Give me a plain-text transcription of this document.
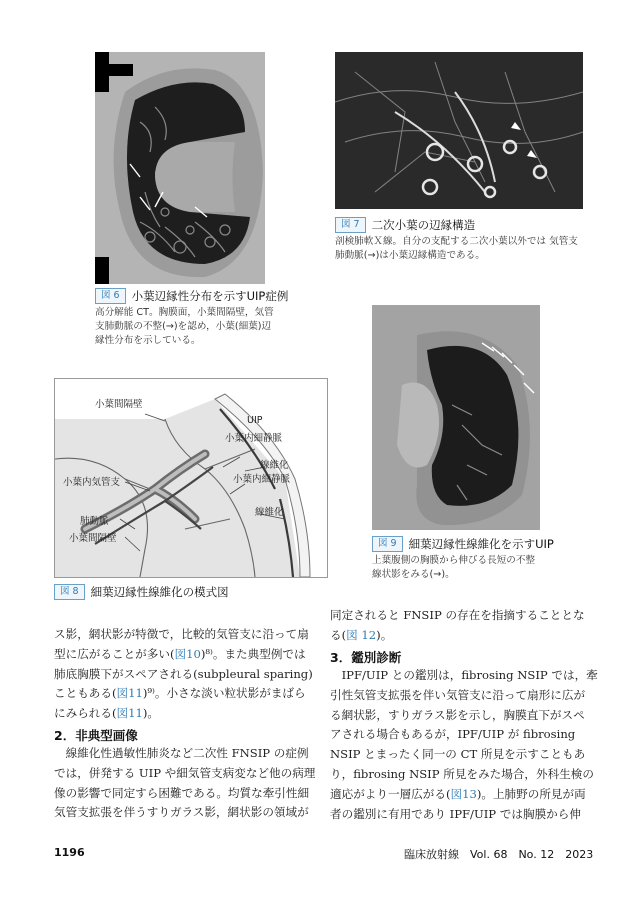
図 6	小葉辺縁性分布を示すUIP症例
高分解能 CT。胸膜面，小葉間隔壁，気管
支肺動脈の不整(→)を認め，小葉(細葉)辺
縁性分布を示している。
図 7	二次小葉の辺縁構造
剖検肺軟Ｘ線。自分の支配する二次小葉以外では 気管支
肺動脈(→)は小葉辺縁構造である。
図 9	細葉辺縁性線維化を示すUIP
上葉腹側の胸膜から伸びる長短の不整
線状影をみる(→)。
小葉間隔壁
UIP
小葉内細静脈
線維化
小葉内細静脈
小葉内気管支
肺動脈
線維化
小葉間隔壁
図 8	細葉辺縁性線維化の模式図

ス影，網状影が特徴で，比較的気管支に沿って扇

型に広がることが多い(図10)⁸⁾。また典型例では

肺底胸膜下がスペアされる(subpleural sparing)

こともある(図11)⁹⁾。小さな淡い粒状影がまばら

にみられる(図11)。

2．非典型画像

　線維化性過敏性肺炎など二次性 FNSIP の症例

では，併発する UIP や細気管支病変など他の病理

像の影響で同定すら困難である。均質な牽引性細

気管支拡張を伴うすりガラス影，網状影の領域が

同定されると FNSIP の存在を指摘することとな

る(図 12)。

3．鑑別診断

　IPF/UIP との鑑別は，fibrosing NSIP では，牽

引性気管支拡張を伴い気管支に沿って扇形に広が

る網状影，すりガラス影を示し，胸膜直下がスペ

アされる場合もあるが，IPF/UIP が fibrosing

NSIP とまったく同一の CT 所見を示すこともあ

り，fibrosing NSIP 所見をみた場合，外科生検の

適応がより一層広がる(図13)。上肺野の所見が両

者の鑑別に有用であり IPF/UIP では胸膜から伸

1196	臨床放射線　Vol. 68　No. 12　2023
